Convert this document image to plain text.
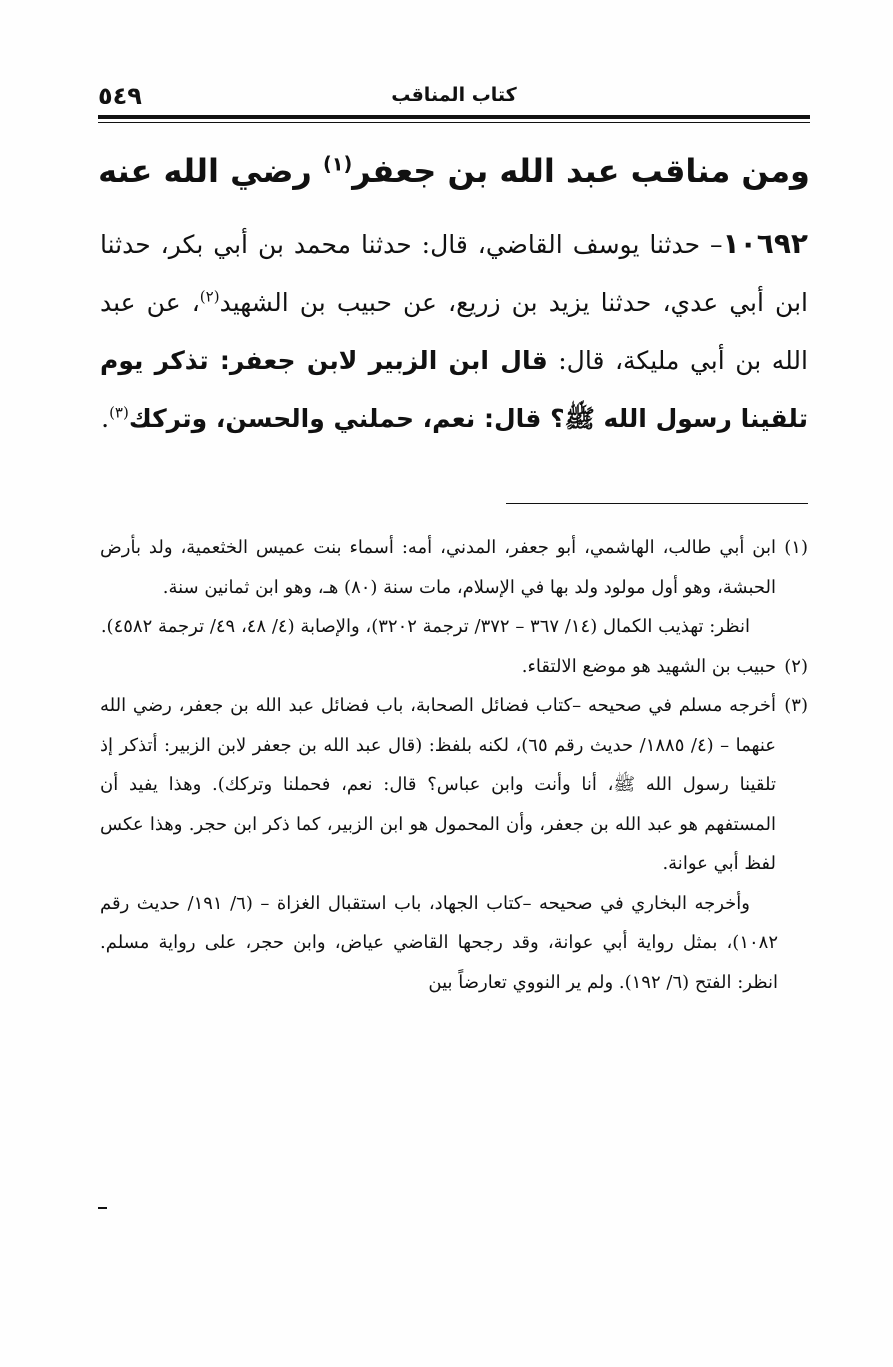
كتاب المناقب
٥٤٩
ومن مناقب عبد الله بن جعفر$^{(١)}$ رضي الله عنه
١٠٦٩٢– حدثنا يوسف القاضي، قال: حدثنا محمد بن أبي بكر، حدثنا ابن أبي عدي، حدثنا يزيد بن زريع، عن حبيب بن الشهيد$^{(٢)}$، عن عبد الله بن أبي مليكة، قال: قال ابن الزبير لابن جعفر: تذكر يوم تلقينا رسول الله ﷺ؟ قال: نعم، حملني والحسن، وتركك$^{(٣)}$.
(١)
ابن أبي طالب، الهاشمي، أبو جعفر، المدني، أمه: أسماء بنت عميس الخثعمية، ولد بأرض الحبشة، وهو أول مولود ولد بها في الإسلام، مات سنة (٨٠) هـ، وهو ابن ثمانين سنة.
انظر: تهذيب الكمال (١٤/ ٣٦٧ – ٣٧٢/ ترجمة ٣٢٠٢)، والإصابة (٤/ ٤٨، ٤٩/ ترجمة ٤٥٨٢).
(٢)
حبيب بن الشهيد هو موضع الالتقاء.
(٣)
أخرجه مسلم في صحيحه –كتاب فضائل الصحابة، باب فضائل عبد الله بن جعفر، رضي الله عنهما – (٤/ ١٨٨٥/ حديث رقم ٦٥)، لكنه بلفظ: (قال عبد الله بن جعفر لابن الزبير: أتذكر إذ تلقينا رسول الله ﷺ، أنا وأنت وابن عباس؟ قال: نعم، فحملنا وتركك). وهذا يفيد أن المستفهم هو عبد الله بن جعفر، وأن المحمول هو ابن الزبير، كما ذكر ابن حجر. وهذا عكس لفظ أبي عوانة.
وأخرجه البخاري في صحيحه –كتاب الجهاد، باب استقبال الغزاة – (٦/ ١٩١/ حديث رقم ١٠٨٢)، بمثل رواية أبي عوانة، وقد رجحها القاضي عياض، وابن حجر، على رواية مسلم. انظر: الفتح (٦/ ١٩٢). ولم ير النووي تعارضاً بين
